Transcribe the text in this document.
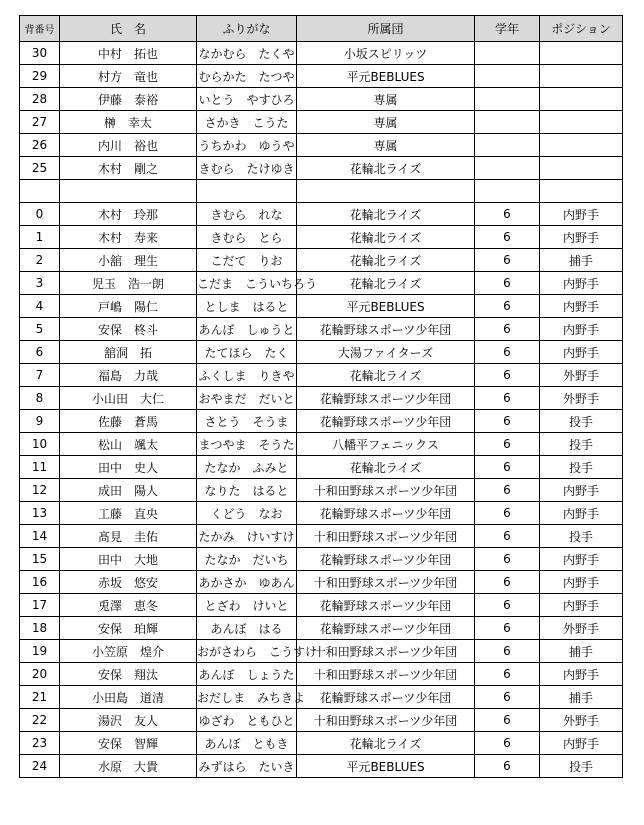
背番号	氏　名	ふりがな	所属団	学年	ポジション
30	中村　拓也	なかむら　たくや	小坂スピリッツ		
29	村方　竜也	むらかた　たつや	平元BEBLUES		
28	伊藤　泰裕	いとう　やすひろ	専属		
27	榊　幸太	さかき　こうた	専属		
26	内川　裕也	うちかわ　ゆうや	専属		
25	木村　剛之	きむら　たけゆき	花輪北ライズ		

0	木村　玲那	きむら　れな	花輪北ライズ	6	内野手
1	木村　寿来	きむら　とら	花輪北ライズ	6	内野手
2	小舘　理生	こだて　りお	花輪北ライズ	6	捕手
3	児玉　浩一朗	こだま　こういちろう	花輪北ライズ	6	内野手
4	戸嶋　陽仁	としま　はると	平元BEBLUES	6	内野手
5	安保　柊斗	あんぼ　しゅうと	花輪野球スポーツ少年団	6	内野手
6	舘洞　拓	たてほら　たく	大湯ファイターズ	6	内野手
7	福島　力哉	ふくしま　りきや	花輪北ライズ	6	外野手
8	小山田　大仁	おやまだ　だいと	花輪野球スポーツ少年団	6	外野手
9	佐藤　蒼馬	さとう　そうま	花輪野球スポーツ少年団	6	投手
10	松山　颯太	まつやま　そうた	八幡平フェニックス	6	投手
11	田中　史人	たなか　ふみと	花輪北ライズ	6	投手
12	成田　陽人	なりた　はると	十和田野球スポーツ少年団	6	内野手
13	工藤　直央	くどう　なお	花輪野球スポーツ少年団	6	内野手
14	髙見　圭佑	たかみ　けいすけ	十和田野球スポーツ少年団	6	投手
15	田中　大地	たなか　だいち	花輪野球スポーツ少年団	6	内野手
16	赤坂　悠安	あかさか　ゆあん	十和田野球スポーツ少年団	6	内野手
17	兎澤　恵冬	とざわ　けいと	花輪野球スポーツ少年団	6	内野手
18	安保　珀輝	あんぼ　はる	花輪野球スポーツ少年団	6	外野手
19	小笠原　煌介	おがさわら　こうすけ	十和田野球スポーツ少年団	6	捕手
20	安保　翔汰	あんぼ　しょうた	十和田野球スポーツ少年団	6	内野手
21	小田島　道清	おだしま　みちきよ	花輪野球スポーツ少年団	6	捕手
22	湯沢　友人	ゆざわ　ともひと	十和田野球スポーツ少年団	6	外野手
23	安保　智輝	あんぼ　ともき	花輪北ライズ	6	内野手
24	水原　大貴	みずはら　たいき	平元BEBLUES	6	投手
